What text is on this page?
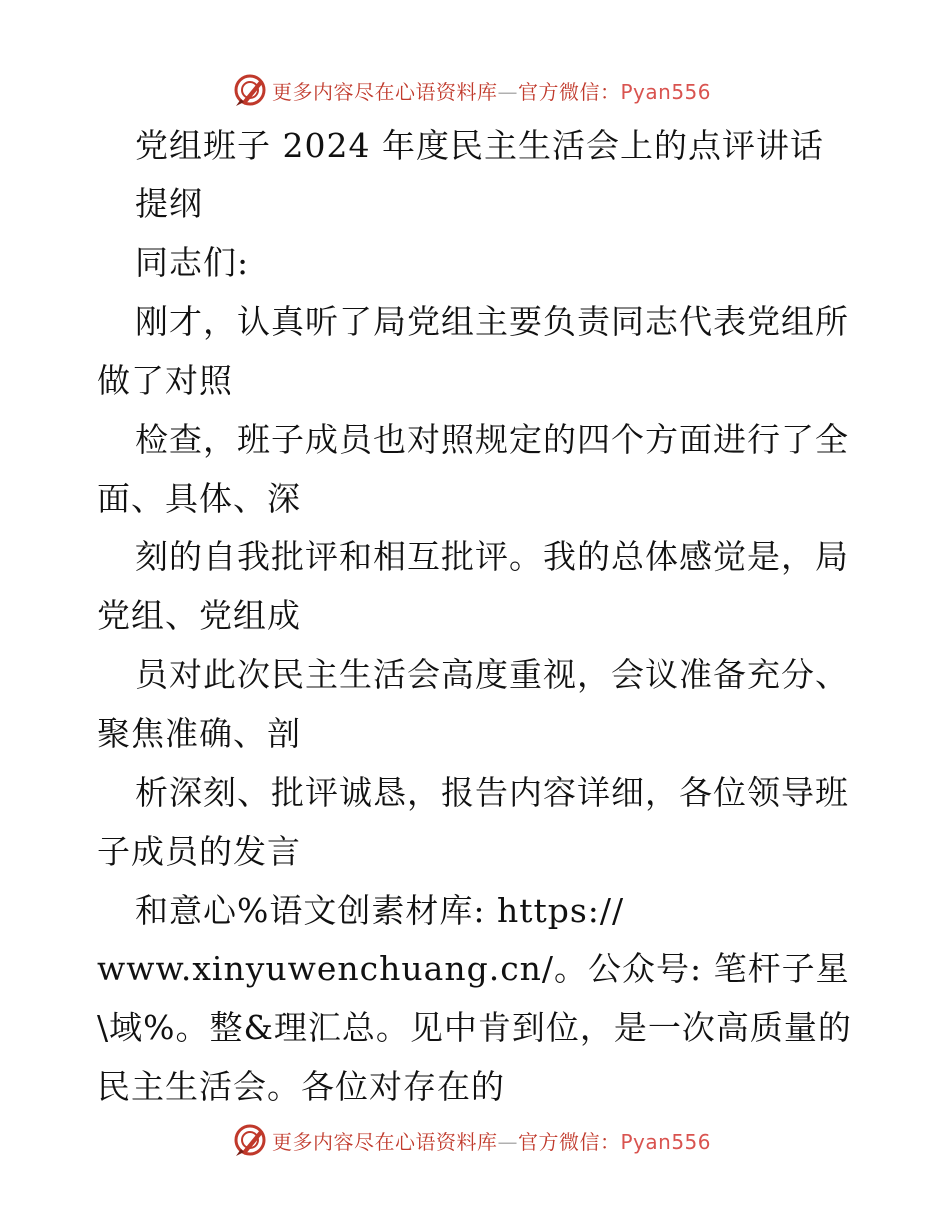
更多内容尽在心语资料库—官方微信：Pyan556
党组班子 2024 年度民主生活会上的点评讲话
提纲
同志们:
刚才，认真听了局党组主要负责同志代表党组所
做了对照
检查，班子成员也对照规定的四个方面进行了全
面、具体、深
刻的自我批评和相互批评。我的总体感觉是，局
党组、党组成
员对此次民主生活会高度重视，会议准备充分、
聚焦准确、剖
析深刻、批评诚恳，报告内容详细，各位领导班
子成员的发言
和意心%语文创素材库: https://
www.xinyuwenchuang.cn/。公众号: 笔杆子星
\域%。整&理汇总。见中肯到位，是一次高质量的
民主生活会。各位对存在的
更多内容尽在心语资料库—官方微信：Pyan556
